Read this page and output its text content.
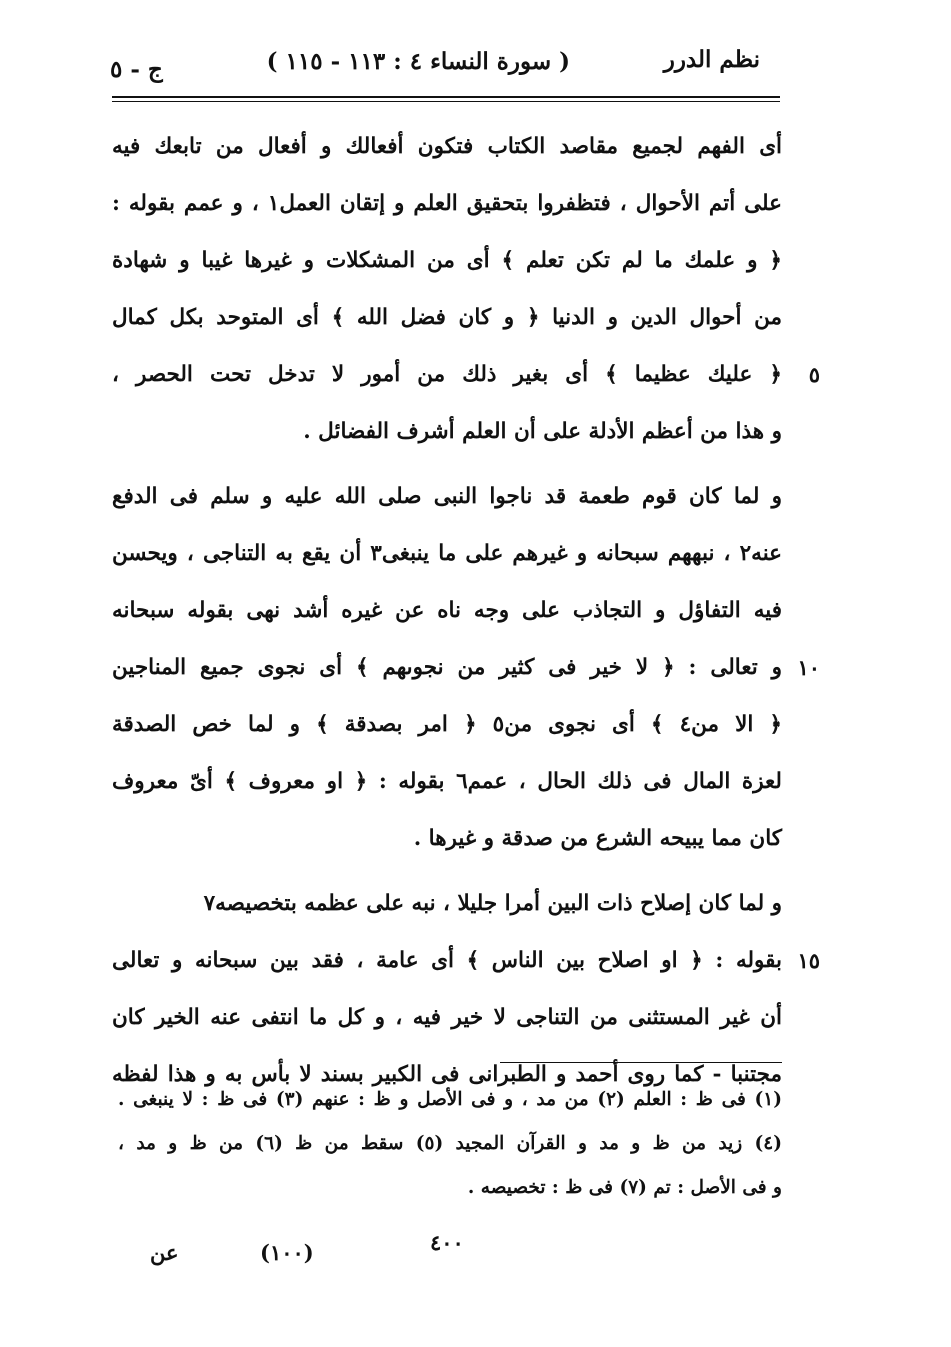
نظم الدرر
( سورة النساء ٤ : ١١٣ - ١١٥ )
ج - ٥
أى الفهم لجميع مقاصد الكتاب فتكون أفعالك و أفعال من تابعك فيه
على أتم الأحوال ، فتظفروا بتحقيق العلم و إتقان العمل١ ، و عمم بقوله :
﴿ و علمك ما لم تكن تعلم ﴾ أى من المشكلات و غيرها غيبا و شهادة
من أحوال الدين و الدنيا ﴿ و كان فضل الله ﴾ أى المتوحد بكل كمال
﴿ عليك عظيما ﴾ أى بغير ذلك من أمور لا تدخل تحت الحصر ، ٥
و هذا من أعظم الأدلة على أن العلم أشرف الفضائل .
و لما كان قوم طعمة قد ناجوا النبى صلى الله عليه و سلم فى الدفع
عنه٢ ، نبههم سبحانه و غيرهم على ما ينبغى٣ أن يقع به التناجى ، ويحسن
فيه التفاؤل و التجاذب على وجه ناه عن غيره أشد نهى بقوله سبحانه
و تعالى : ﴿ لا خير فى كثير من نجوىهم ﴾ أى نجوى جميع المناجين ١٠
﴿ الا من٤ ﴾ أى نجوى من٥ ﴿ امر بصدقة ﴾ و لما خص الصدقة
لعزة المال فى ذلك الحال ، عمم٦ بقوله : ﴿ او معروف ﴾ أىّ معروف
كان مما يبيحه الشرع من صدقة و غيرها .
و لما كان إصلاح ذات البين أمرا جليلا ، نبه على عظمه بتخصيصه٧
بقوله : ﴿ او اصلاح بين الناس ﴾ أى عامة ، فقد بين سبحانه و تعالى ١٥
أن غير المستثنى من التناجى لا خير فيه ، و كل ما انتفى عنه الخير كان
مجتنبا - كما روى أحمد و الطبرانى فى الكبير بسند لا بأس به و هذا لفظه
(١) فى ظ : العلم (٢) من مد ، و فى الأصل و ظ : عنهم (٣) فى ظ : لا ينبغى .
(٤) زيد من ظ و مد و القرآن المجيد (٥) سقط من ظ (٦) من ظ و مد ،
و فى الأصل : تم (٧) فى ظ : تخصيصه .
٤٠٠
(١٠٠)
عن
